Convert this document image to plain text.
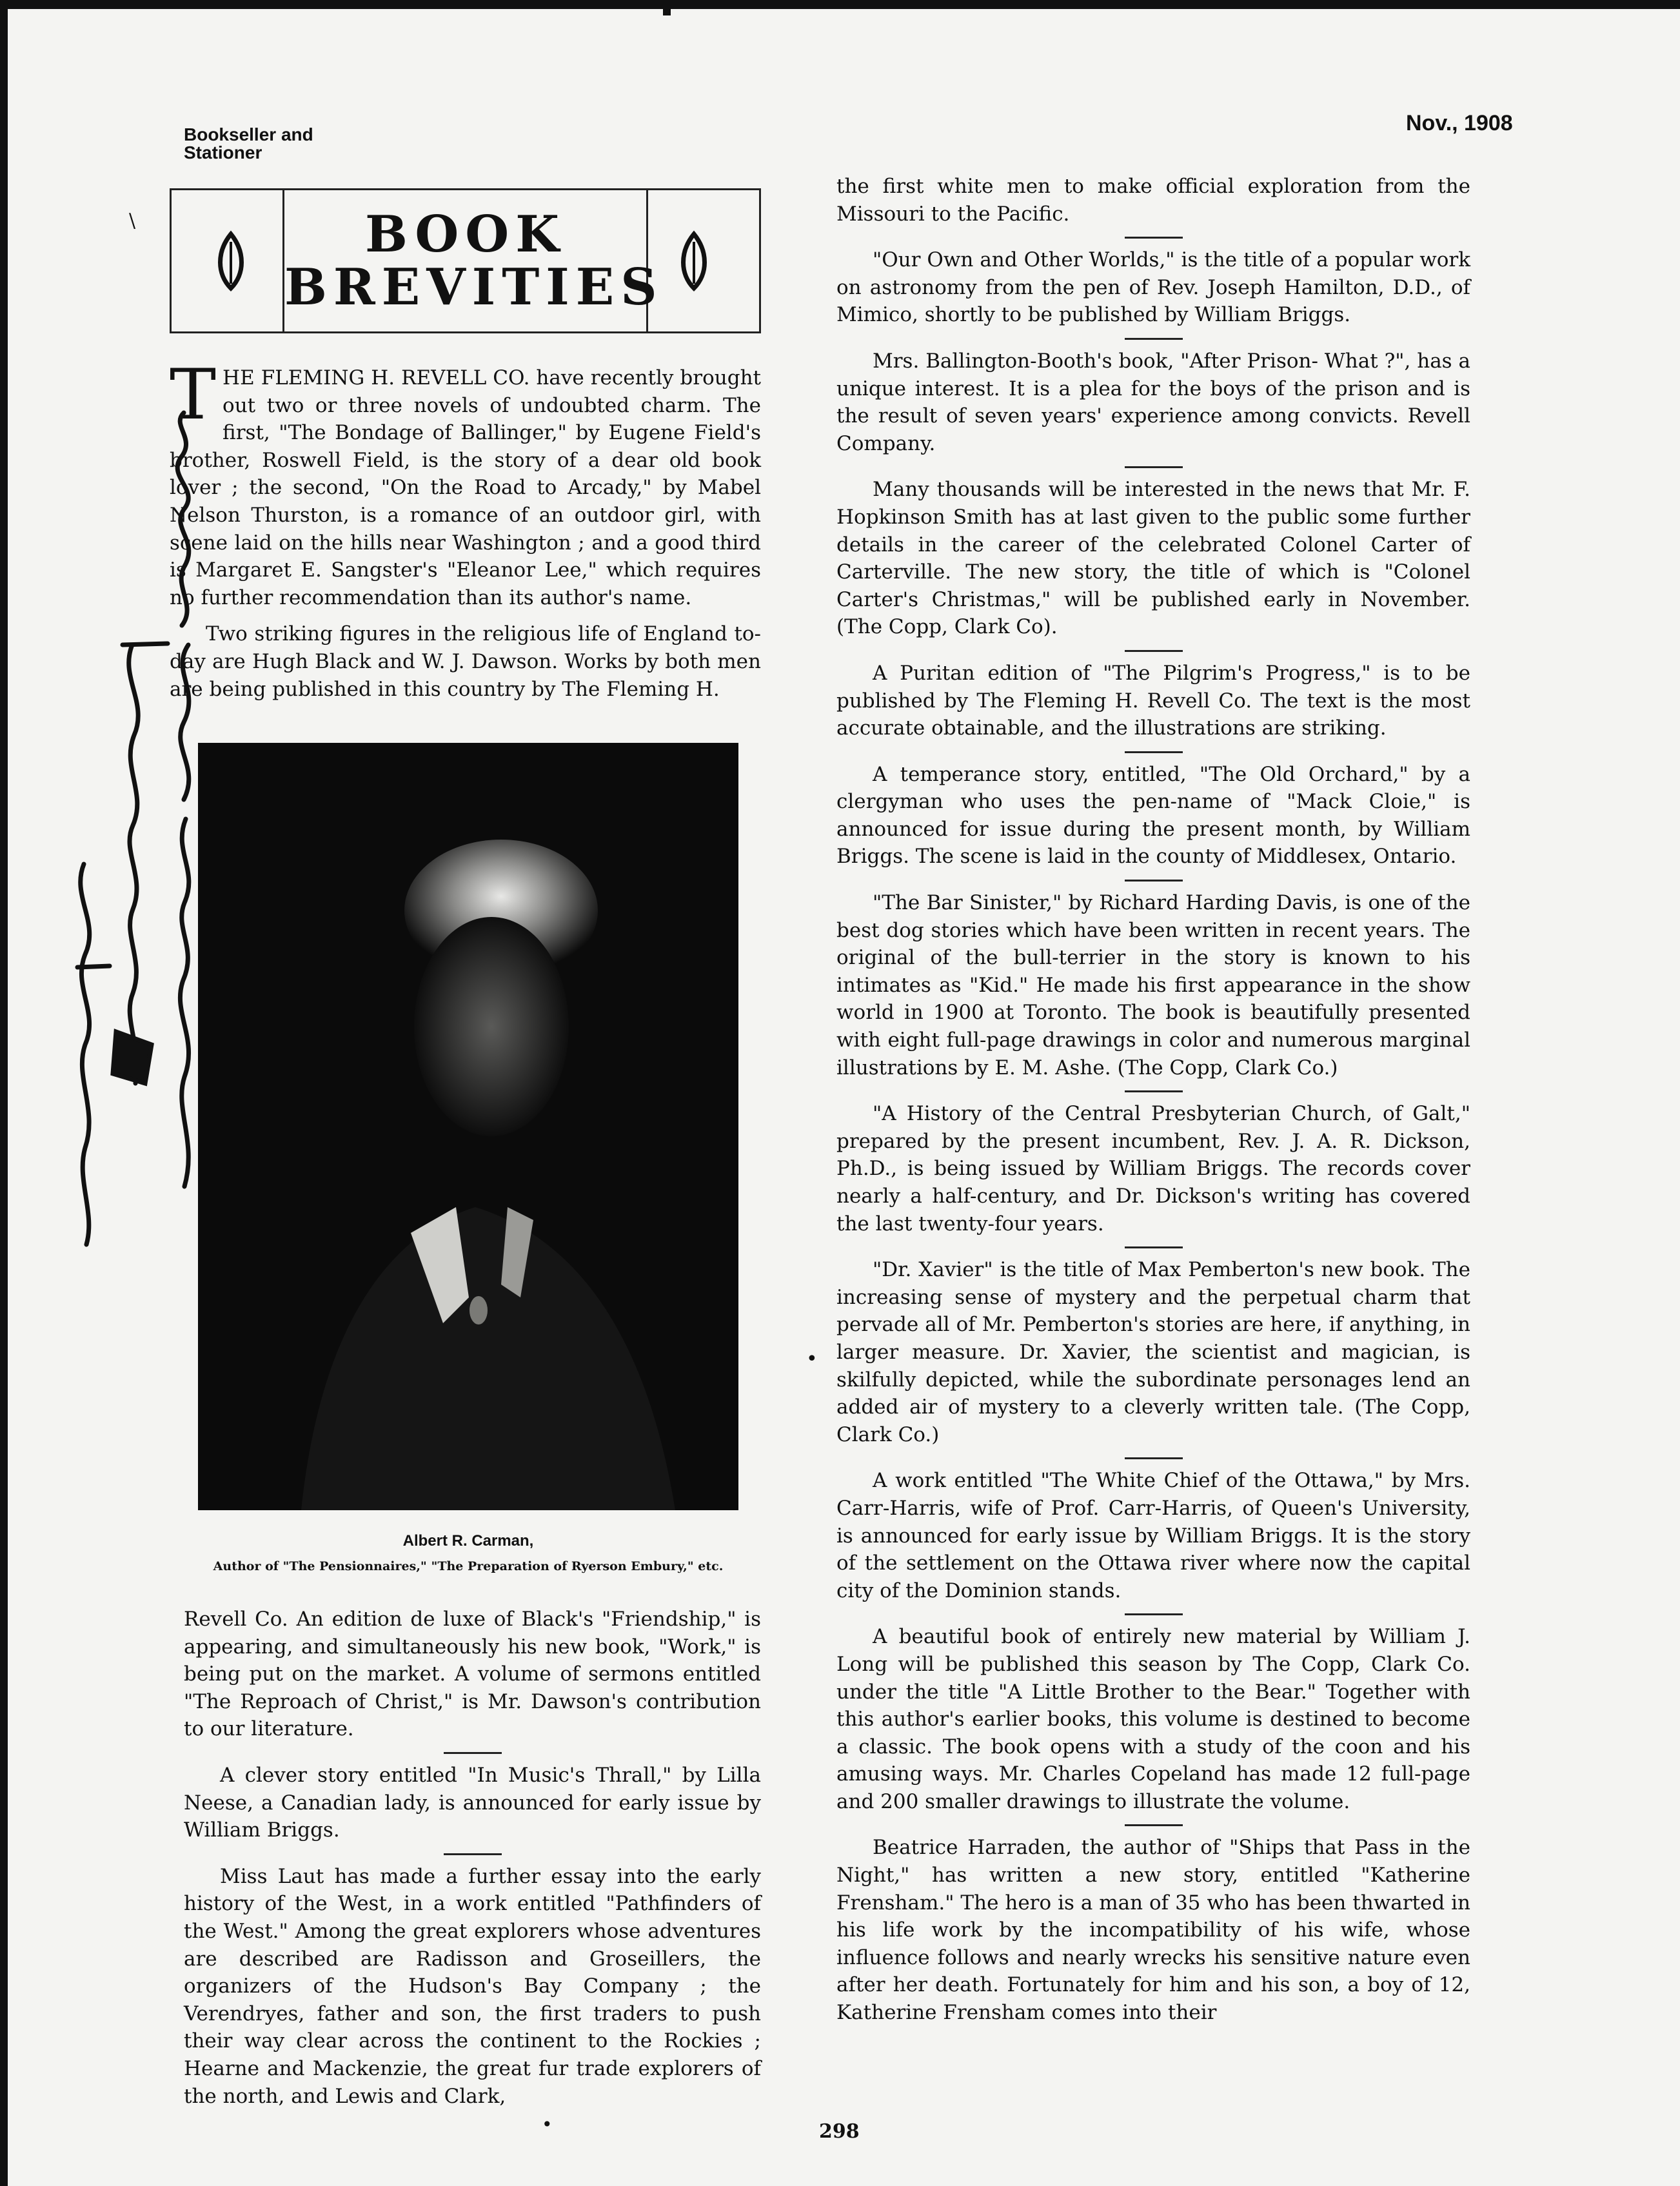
Bookseller and Stationer
Nov., 1908
BOOK
BREVITIES

THE FLEMING H. REVELL CO. have recently brought out two or three novels of undoubted charm. The first, "The Bondage of Ballinger," by Eugene Field's brother, Roswell Field, is the story of a dear old book lover ; the second, "On the Road to Arcady," by Mabel Nelson Thurston, is a romance of an outdoor girl, with scene laid on the hills near Washington ; and a good third is Margaret E. Sangster's "Eleanor Lee," which requires no further recommendation than its author's name.

Two striking figures in the religious life of England to-day are Hugh Black and W. J. Dawson. Works by both men are being published in this country by The Fleming H.

Albert R. Carman,
Author of "The Pensionnaires," "The Preparation of Ryerson Embury," etc.

Revell Co. An edition de luxe of Black's "Friendship," is appearing, and simultaneously his new book, "Work," is being put on the market. A volume of sermons entitled "The Reproach of Christ," is Mr. Dawson's contribution to our literature.

A clever story entitled "In Music's Thrall," by Lilla Neese, a Canadian lady, is announced for early issue by William Briggs.

Miss Laut has made a further essay into the early history of the West, in a work entitled "Pathfinders of the West." Among the great explorers whose adventures are described are Radisson and Groseillers, the organizers of the Hudson's Bay Company ; the Verendryes, father and son, the first traders to push their way clear across the continent to the Rockies ; Hearne and Mackenzie, the great fur trade explorers of the north, and Lewis and Clark,

the first white men to make official exploration from the Missouri to the Pacific.

"Our Own and Other Worlds," is the title of a popular work on astronomy from the pen of Rev. Joseph Hamilton, D.D., of Mimico, shortly to be published by William Briggs.

Mrs. Ballington-Booth's book, "After Prison- What ?", has a unique interest. It is a plea for the boys of the prison and is the result of seven years' experience among convicts. Revell Company.

Many thousands will be interested in the news that Mr. F. Hopkinson Smith has at last given to the public some further details in the career of the celebrated Colonel Carter of Carterville. The new story, the title of which is "Colonel Carter's Christmas," will be published early in November. (The Copp, Clark Co).

A Puritan edition of "The Pilgrim's Progress," is to be published by The Fleming H. Revell Co. The text is the most accurate obtainable, and the illustrations are striking.

A temperance story, entitled, "The Old Orchard," by a clergyman who uses the pen-name of "Mack Cloie," is announced for issue during the present month, by William Briggs. The scene is laid in the county of Middlesex, Ontario.

"The Bar Sinister," by Richard Harding Davis, is one of the best dog stories which have been written in recent years. The original of the bull-terrier in the story is known to his intimates as "Kid." He made his first appearance in the show world in 1900 at Toronto. The book is beautifully presented with eight full-page drawings in color and numerous marginal illustrations by E. M. Ashe. (The Copp, Clark Co.)

"A History of the Central Presbyterian Church, of Galt," prepared by the present incumbent, Rev. J. A. R. Dickson, Ph.D., is being issued by William Briggs. The records cover nearly a half-century, and Dr. Dickson's writing has covered the last twenty-four years.

"Dr. Xavier" is the title of Max Pemberton's new book. The increasing sense of mystery and the perpetual charm that pervade all of Mr. Pemberton's stories are here, if anything, in larger measure. Dr. Xavier, the scientist and magician, is skilfully depicted, while the subordinate personages lend an added air of mystery to a cleverly written tale. (The Copp, Clark Co.)

A work entitled "The White Chief of the Ottawa," by Mrs. Carr-Harris, wife of Prof. Carr-Harris, of Queen's University, is announced for early issue by William Briggs. It is the story of the settlement on the Ottawa river where now the capital city of the Dominion stands.

A beautiful book of entirely new material by William J. Long will be published this season by The Copp, Clark Co. under the title "A Little Brother to the Bear." Together with this author's earlier books, this volume is destined to become a classic. The book opens with a study of the coon and his amusing ways. Mr. Charles Copeland has made 12 full-page and 200 smaller drawings to illustrate the volume.

Beatrice Harraden, the author of "Ships that Pass in the Night," has written a new story, entitled "Katherine Frensham." The hero is a man of 35 who has been thwarted in his life work by the incompatibility of his wife, whose influence follows and nearly wrecks his sensitive nature even after her death. Fortunately for him and his son, a boy of 12, Katherine Frensham comes into their

\
•
•	298
